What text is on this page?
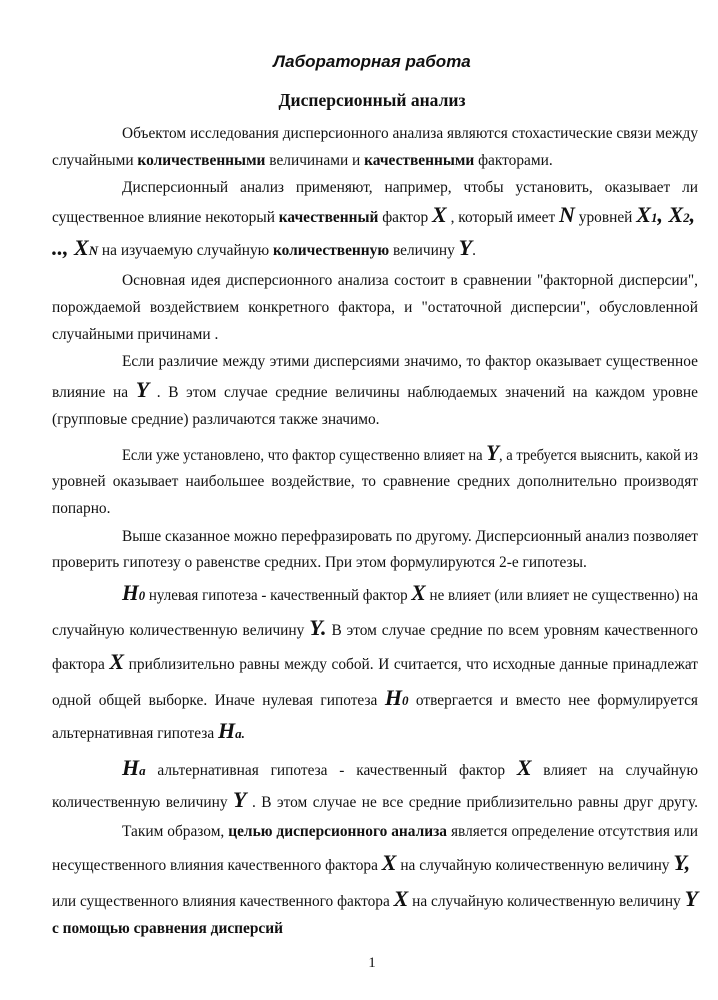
Лабораторная работа
Дисперсионный анализ
Объектом исследования дисперсионного анализа являются стохастические связи между
случайными количественными величинами и качественными факторами.
Дисперсионный анализ применяют, например, чтобы установить, оказывает ли
существенное влияние некоторый качественный фактор X , который имеет N уровней X1, X2,
.., XN на изучаемую случайную количественную величину Y.
Основная идея дисперсионного анализа состоит в сравнении "факторной дисперсии",
порождаемой воздействием конкретного фактора, и "остаточной дисперсии", обусловленной
случайными причинами .
Если различие между этими дисперсиями значимо, то фактор оказывает существенное
влияние на Y . В этом случае средние величины наблюдаемых значений на каждом уровне
(групповые средние) различаются также значимо.
Если уже установлено, что фактор существенно влияет на Y, а требуется выяснить, какой из
уровней оказывает наибольшее воздействие, то сравнение средних дополнительно производят
попарно.
Выше сказанное можно перефразировать по другому. Дисперсионный анализ позволяет
проверить гипотезу о равенстве средних. При этом формулируются 2-е гипотезы.
H0 нулевая гипотеза - качественный фактор X не влияет (или влияет не существенно) на
случайную количественную величину Y. В этом случае средние по всем уровням качественного
фактора X приблизительно равны между собой. И считается, что исходные данные принадлежат
одной общей выборке. Иначе нулевая гипотеза H0 отвергается и вместо нее формулируется
альтернативная гипотеза Ha.
Ha альтернативная гипотеза - качественный фактор X влияет на случайную
количественную величину Y . В этом случае не все средние приблизительно равны друг другу.
Таким образом, целью дисперсионного анализа является определение отсутствия или
несущественного влияния качественного фактора X на случайную количественную величину Y,
или существенного влияния качественного фактора X на случайную количественную величину Y
с помощью сравнения дисперсий
1
